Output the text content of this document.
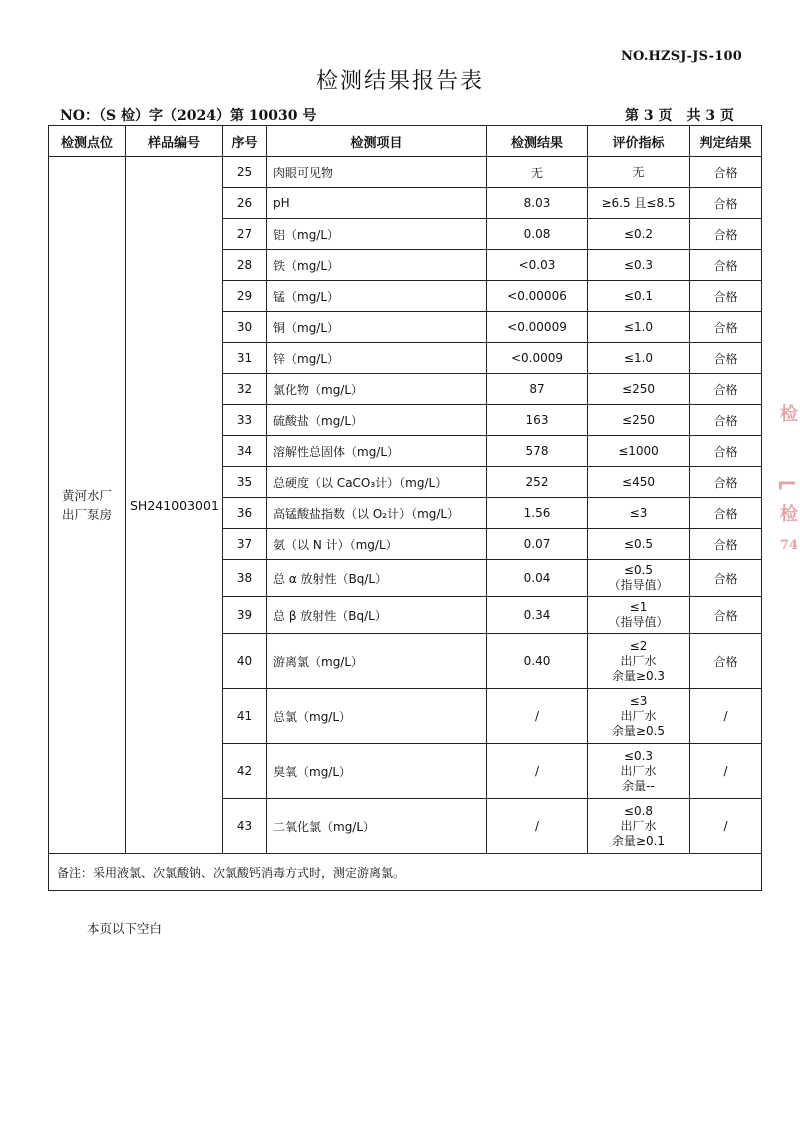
NO.HZSJ-JS-100
检测结果报告表
NO：（S 检）字（2024）第 10030 号	第 3 页　共 3 页
检测点位	样品编号	序号	检测项目	检测结果	评价指标	判定结果

黄河水厂
出厂泵房	SH241003001	25	肉眼可见物	无	无	合格
		26	pH	8.03	≥6.5 且≤8.5	合格
		27	铝（mg/L）	0.08	≤0.2	合格
		28	铁（mg/L）	<0.03	≤0.3	合格
		29	锰（mg/L）	<0.00006	≤0.1	合格
		30	铜（mg/L）	<0.00009	≤1.0	合格
		31	锌（mg/L）	<0.0009	≤1.0	合格
		32	氯化物（mg/L）	87	≤250	合格
		33	硫酸盐（mg/L）	163	≤250	合格
		34	溶解性总固体（mg/L）	578	≤1000	合格
		35	总硬度（以 CaCO₃计）（mg/L）	252	≤450	合格
		36	高锰酸盐指数（以 O₂计）（mg/L）	1.56	≤3	合格
		37	氨（以 N 计）（mg/L）	0.07	≤0.5	合格
		38	总 α 放射性（Bq/L）	0.04	≤0.5
（指导值）	合格
		39	总 β 放射性（Bq/L）	0.34	≤1
（指导值）	合格
		40	游离氯（mg/L）	0.40	≤2
出厂水
余量≥0.3	合格
		41	总氯（mg/L）	/	≤3
出厂水
余量≥0.5	/
		42	臭氧（mg/L）	/	≤0.3
出厂水
余量--	/
		43	二氧化氯（mg/L）	/	≤0.8
出厂水
余量≥0.1	/
备注：采用液氯、次氯酸钠、次氯酸钙消毒方式时，测定游离氯。						
本页以下空白
检
⌐
检
74
